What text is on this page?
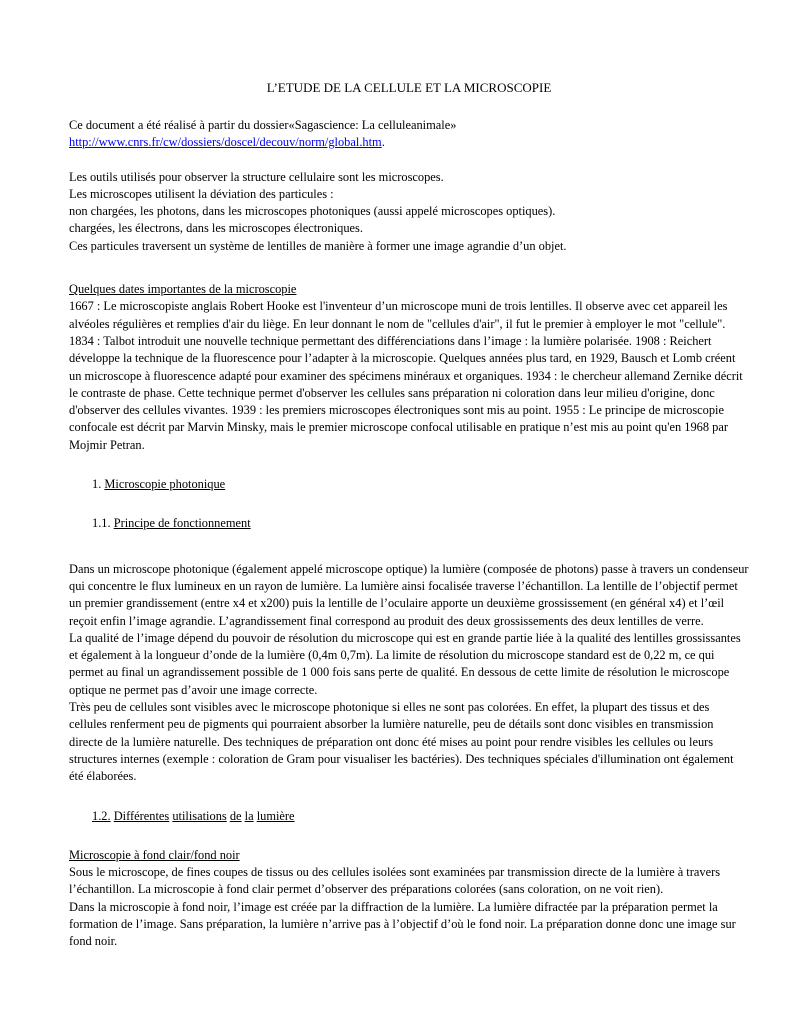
L’ETUDE DE LA CELLULE ET LA MICROSCOPIE

Ce document a été réalisé à partir du dossier«Sagascience: La celluleanimale»

http://www.cnrs.fr/cw/dossiers/doscel/decouv/norm/global.htm.

Les outils utilisés pour observer la structure cellulaire sont les microscopes.

Les microscopes utilisent la déviation des particules :

non chargées, les photons, dans les microscopes photoniques (aussi appelé microscopes optiques).

chargées, les électrons, dans les microscopes électroniques.

Ces particules traversent un système de lentilles de manière à former une image agrandie d’un objet.

Quelques dates importantes de la microscopie

1667 : Le microscopiste anglais Robert Hooke est l'inventeur d’un microscope muni de trois lentilles. Il observe avec cet appareil les alvéoles régulières et remplies d'air du liège. En leur donnant le nom de "cellules d'air", il fut le premier à employer le mot "cellule". 1834 : Talbot introduit une nouvelle technique permettant des différenciations dans l’image : la lumière polarisée. 1908 : Reichert développe la technique de la fluorescence pour l’adapter à la microscopie. Quelques années plus tard, en 1929, Bausch et Lomb créent un microscope à fluorescence adapté pour examiner des spécimens minéraux et organiques. 1934 : le chercheur allemand Zernike décrit le contraste de phase. Cette technique permet d'observer les cellules sans préparation ni coloration dans leur milieu d'origine, donc d'observer des cellules vivantes. 1939 : les premiers microscopes électroniques sont mis au point. 1955 : Le principe de microscopie confocale est décrit par Marvin Minsky, mais le premier microscope confocal utilisable en pratique n’est mis au point qu'en 1968 par Mojmir Petran.

1. Microscopie photonique

1.1. Principe de fonctionnement

Dans un microscope photonique (également appelé microscope optique) la lumière (composée de photons) passe à travers un condenseur qui concentre le flux lumineux en un rayon de lumière. La lumière ainsi focalisée traverse l’échantillon. La lentille de l’objectif permet un premier grandissement (entre x4 et x200) puis la lentille de l’oculaire apporte un deuxième grossissement (en général x4) et l’œil reçoit enfin l’image agrandie. L’agrandissement final correspond au produit des deux grossissements des deux lentilles de verre.

La qualité de l’image dépend du pouvoir de résolution du microscope qui est en grande partie liée à la qualité des lentilles grossissantes et également à la longueur d’onde de la lumière (0,4m 0,7m). La limite de résolution du microscope standard est de 0,22 m, ce qui permet au final un agrandissement possible de 1 000 fois sans perte de qualité. En dessous de cette limite de résolution le microscope optique ne permet pas d’avoir une image correcte.

Très peu de cellules sont visibles avec le microscope photonique si elles ne sont pas colorées. En effet, la plupart des tissus et des cellules renferment peu de pigments qui pourraient absorber la lumière naturelle, peu de détails sont donc visibles en transmission directe de la lumière naturelle. Des techniques de préparation ont donc été mises au point pour rendre visibles les cellules ou leurs structures internes (exemple : coloration de Gram pour visualiser les bactéries). Des techniques spéciales d'illumination ont également été élaborées.

1.2. Différentes utilisations de la lumière

Microscopie à fond clair/fond noir

Sous le microscope, de fines coupes de tissus ou des cellules isolées sont examinées par transmission directe de la lumière à travers l’échantillon. La microscopie à fond clair permet d’observer des préparations colorées (sans coloration, on ne voit rien).

Dans la microscopie à fond noir, l’image est créée par la diffraction de la lumière. La lumière difractée par la préparation permet la formation de l’image. Sans préparation, la lumière n’arrive pas à l’objectif d’où le fond noir. La préparation donne donc une image sur fond noir.
